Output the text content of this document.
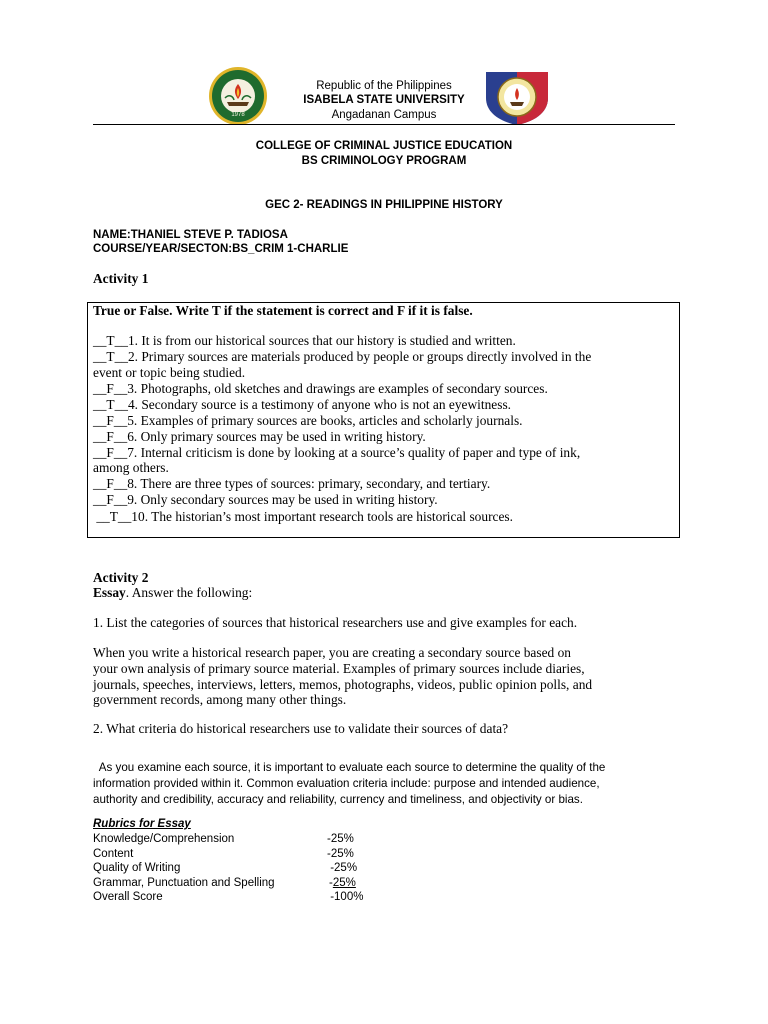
1978
Republic of the Philippines
ISABELA STATE UNIVERSITY
Angadanan Campus
COLLEGE OF CRIMINAL JUSTICE EDUCATION
BS CRIMINOLOGY PROGRAM
GEC 2- READINGS IN PHILIPPINE HISTORY
NAME:THANIEL STEVE P. TADIOSA
COURSE/YEAR/SECTON:BS_CRIM 1-CHARLIE
Activity 1
True or False. Write T if the statement is correct and F if it is false.
__T__1. It is from our historical sources that our history is studied and written.
__T__2. Primary sources are materials produced by people or groups directly involved in the
event or topic being studied.
__F__3. Photographs, old sketches and drawings are examples of secondary sources.
__T__4. Secondary source is a testimony of anyone who is not an eyewitness.
__F__5. Examples of primary sources are books, articles and scholarly journals.
__F__6. Only primary sources may be used in writing history.
__F__7. Internal criticism is done by looking at a source’s quality of paper and type of ink,
among others.
__F__8. There are three types of sources: primary, secondary, and tertiary.
__F__9. Only secondary sources may be used in writing history.
__T__10. The historian’s most important research tools are historical sources.
Activity 2
Essay. Answer the following:
1. List the categories of sources that historical researchers use and give examples for each.
When you write a historical research paper, you are creating a secondary source based on
your own analysis of primary source material. Examples of primary sources include diaries,
journals, speeches, interviews, letters, memos, photographs, videos, public opinion polls, and
government records, among many other things.
2. What criteria do historical researchers use to validate their sources of data?
As you examine each source, it is important to evaluate each source to determine the quality of the
information provided within it. Common evaluation criteria include: purpose and intended audience,
authority and credibility, accuracy and reliability, currency and timeliness, and objectivity or bias.
Rubrics for Essay
Knowledge/Comprehension	-25%
Content	-25%
Quality of Writing	-25%
Grammar, Punctuation and Spelling	-25%
Overall Score	-100%
